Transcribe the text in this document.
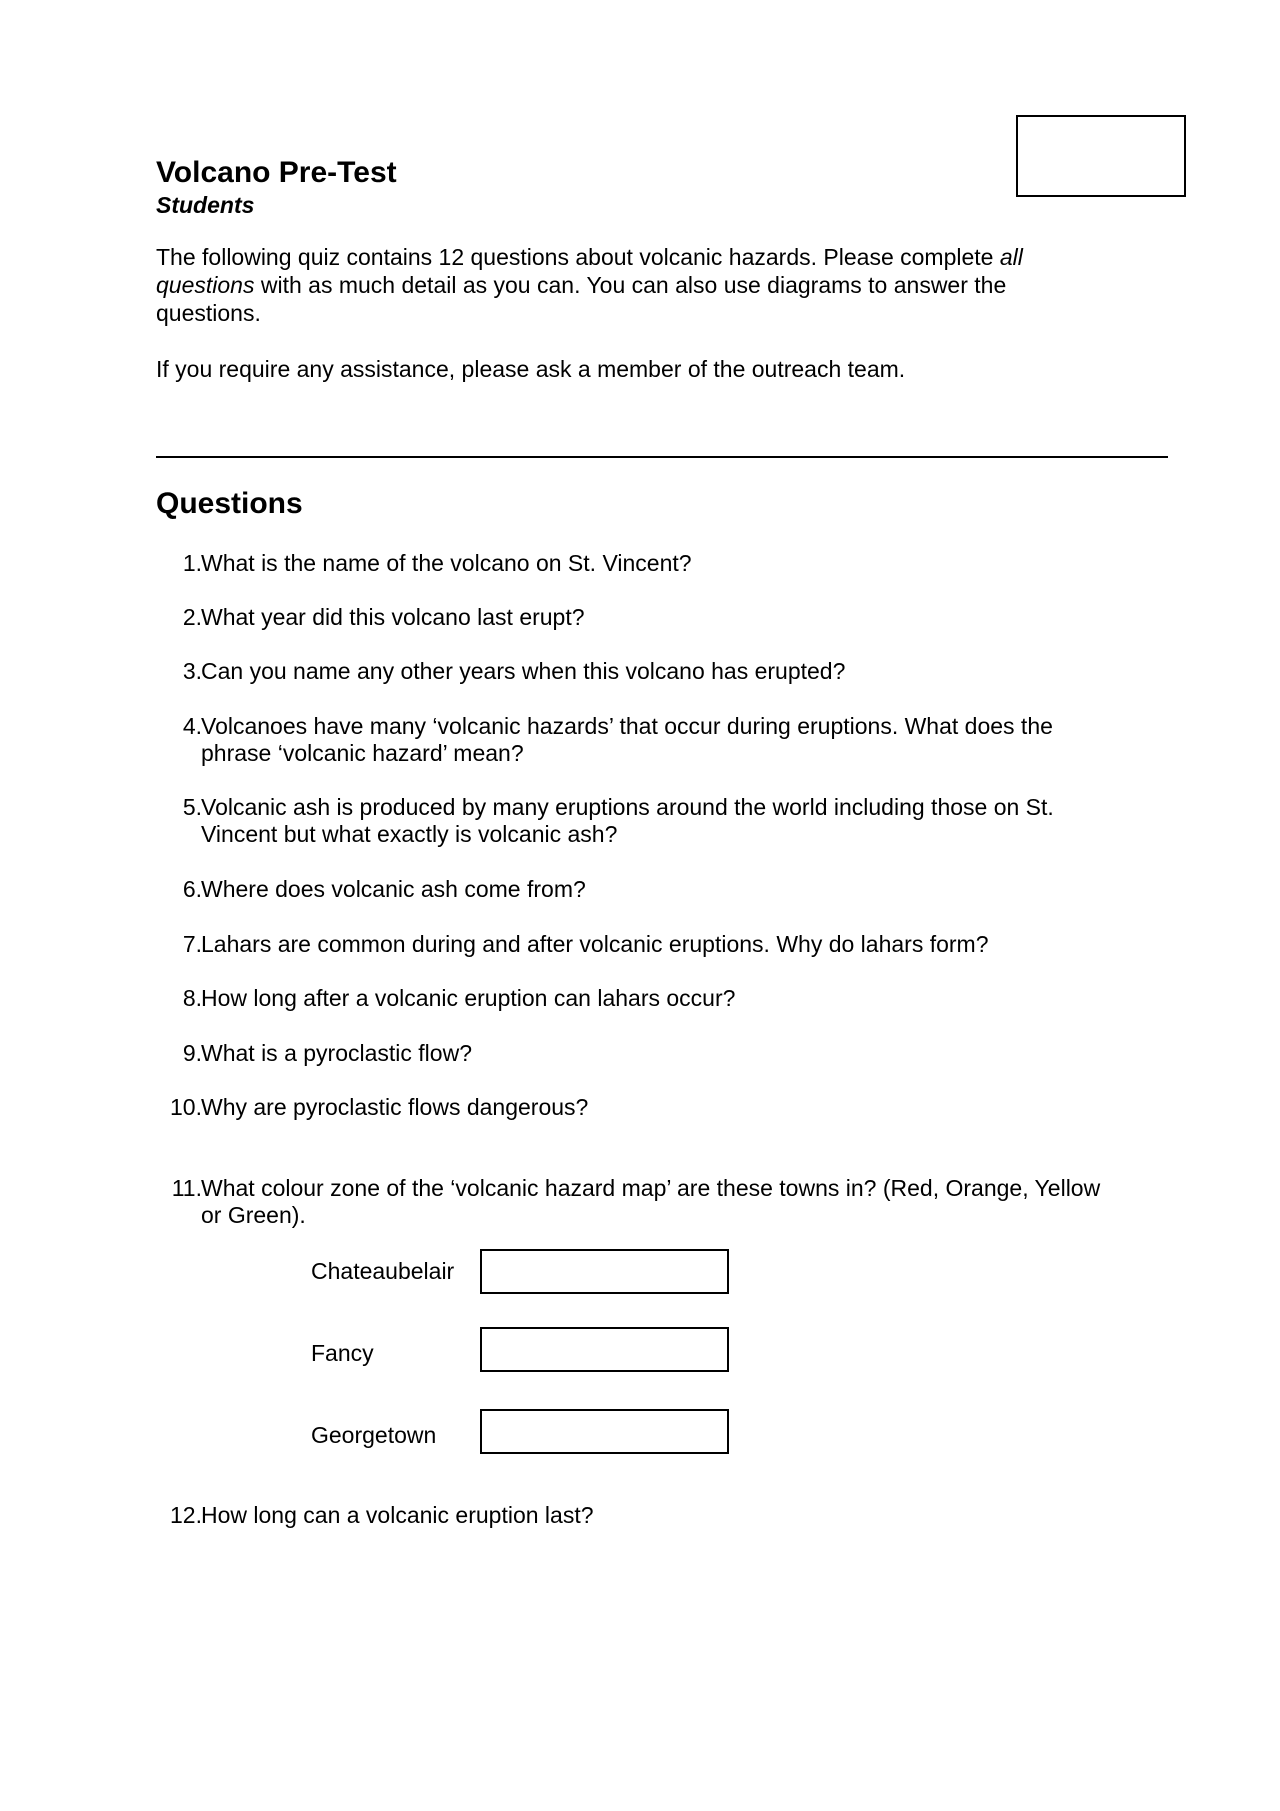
Volcano Pre-Test
Students

The following quiz contains 12 questions about volcanic hazards. Please complete all questions with as much detail as you can. You can also use diagrams to answer the questions.

If you require any assistance, please ask a member of the outreach team.

Questions
1. What is the name of the volcano on St. Vincent?
2. What year did this volcano last erupt?
3. Can you name any other years when this volcano has erupted?
4. Volcanoes have many ‘volcanic hazards’ that occur during eruptions. What does the phrase ‘volcanic hazard’ mean?
5. Volcanic ash is produced by many eruptions around the world including those on St. Vincent but what exactly is volcanic ash?
6. Where does volcanic ash come from?
7. Lahars are common during and after volcanic eruptions. Why do lahars form?
8. How long after a volcanic eruption can lahars occur?
9. What is a pyroclastic flow?
10. Why are pyroclastic flows dangerous?
11. What colour zone of the ‘volcanic hazard map’ are these towns in? (Red, Orange, Yellow or Green).
Chateaubelair
Fancy
Georgetown
12. How long can a volcanic eruption last?
